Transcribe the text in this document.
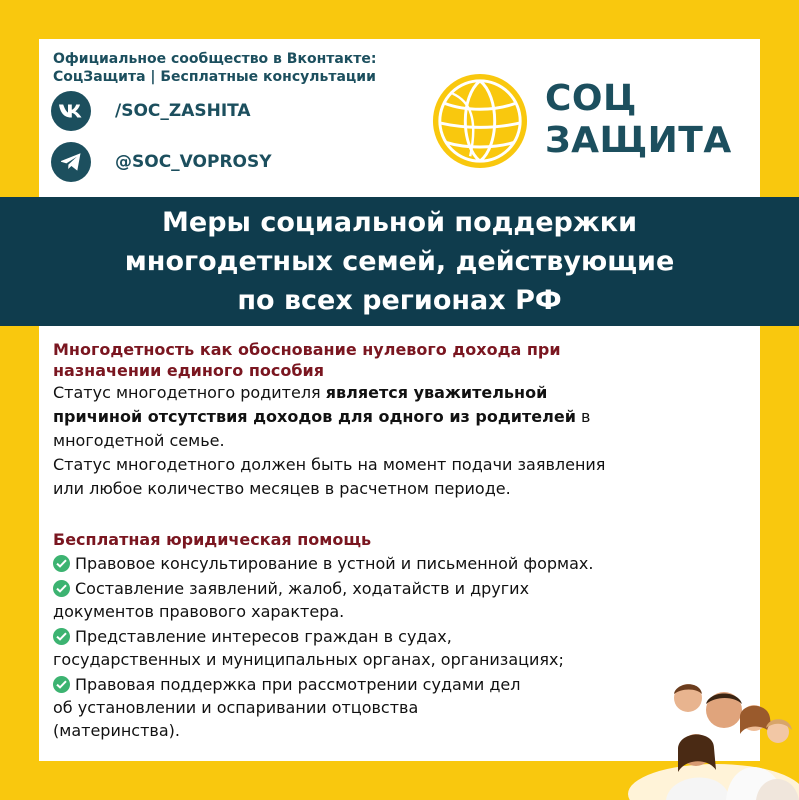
Официальное сообщество в Вконтакте:
СоцЗащита | Бесплатные консультации
/SOC_ZASHITA
@SOC_VOPROSY
СОЦ
ЗАЩИТА
Меры социальной поддержки
многодетных семей, действующие
по всех регионах РФ
Многодетность как обоснование нулевого дохода при
назначении единого пособия
Статус многодетного родителя является уважительной
причиной отсутствия доходов для одного из родителей в
многодетной семье.
Статус многодетного должен быть на момент подачи заявления
или любое количество месяцев в расчетном периоде.
Бесплатная юридическая помощь
Правовое консультирование в устной и письменной формах.
Составление заявлений, жалоб, ходатайств и других
документов правового характера.
Представление интересов граждан в судах,
государственных и муниципальных органах, организациях;
Правовая поддержка при рассмотрении судами дел
об установлении и оспаривании отцовства
(материнства).
